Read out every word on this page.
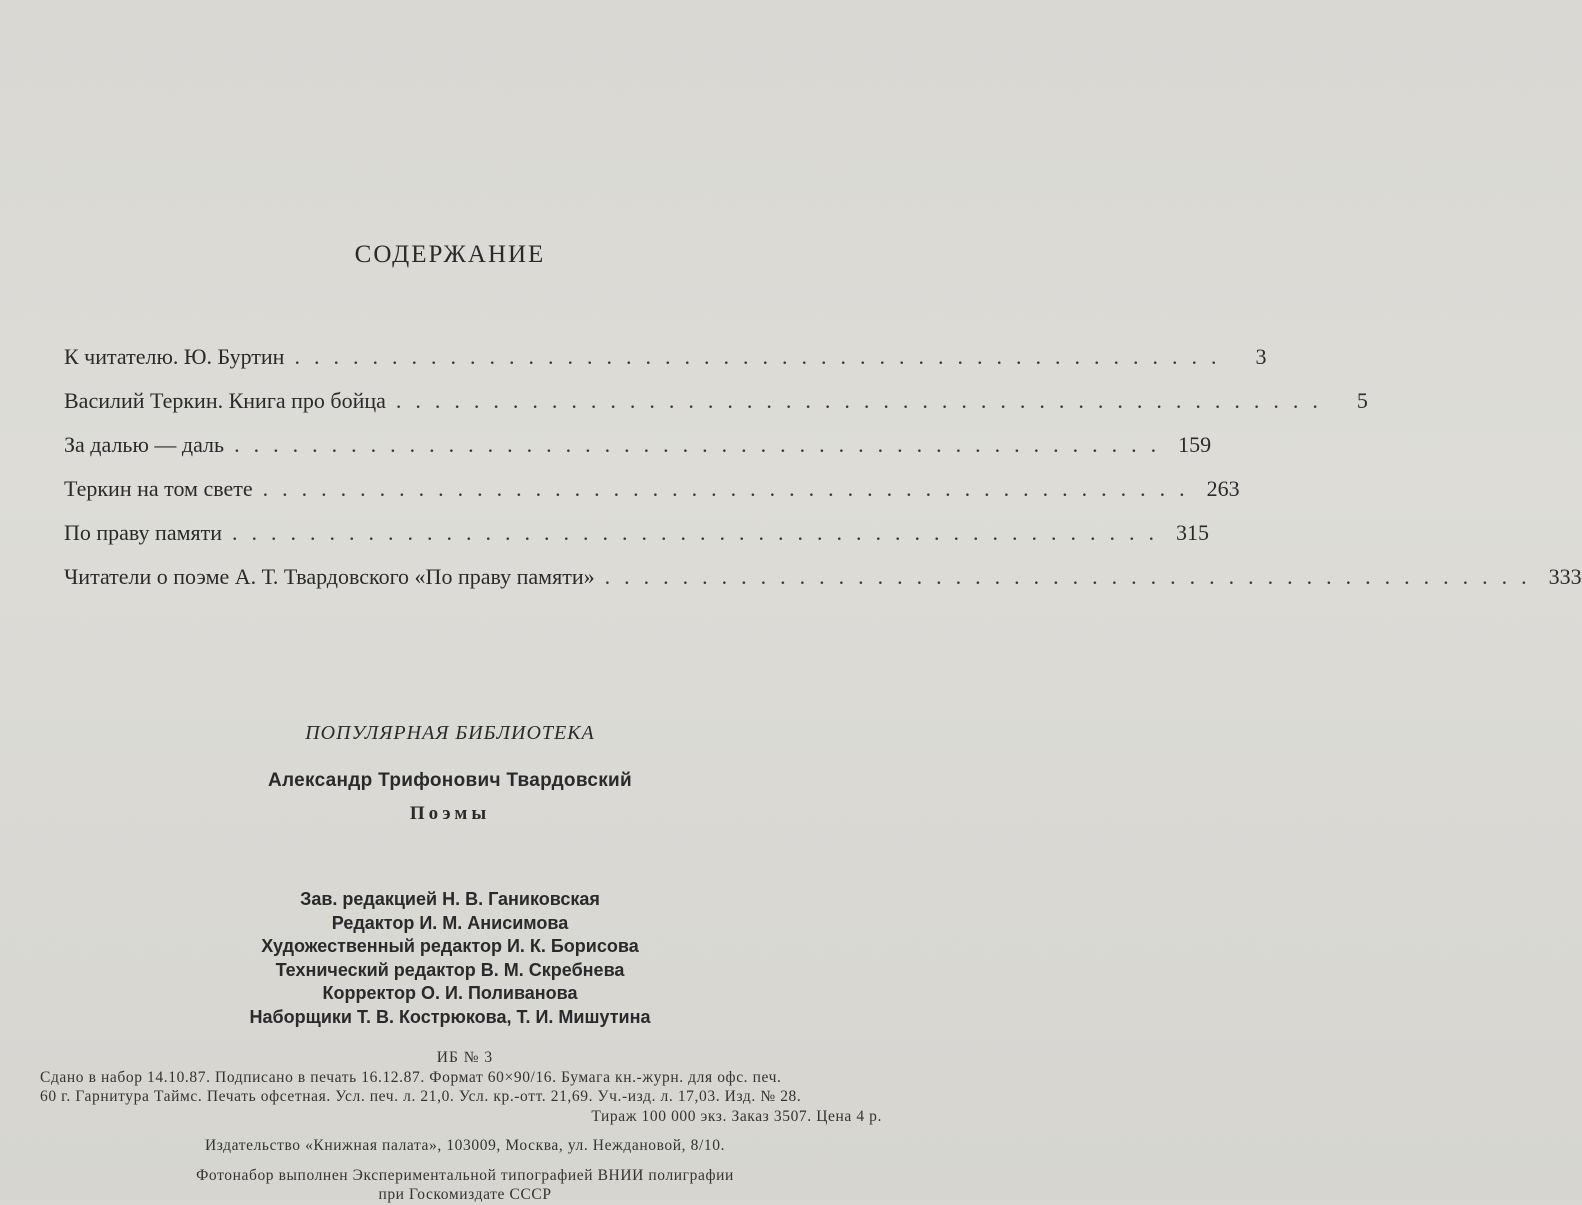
СОДЕРЖАНИЕ
К читателю. Ю. Буртин ................................................	3
Василий Теркин. Книга про бойца ................................................	5
За далью — даль ................................................ 159
Теркин на том свете ................................................ 263
По праву памяти ................................................ 315
Читатели о поэме А. Т. Твардовского «По праву памяти» ................................................ 333
ПОПУЛЯРНАЯ БИБЛИОТЕКА
Александр Трифонович Твардовский
Поэмы
Зав. редакцией Н. В. Ганиковская
Редактор И. М. Анисимова
Художественный редактор И. К. Борисова
Технический редактор В. М. Скребнева
Корректор О. И. Поливанова
Наборщики Т. В. Кострюкова, Т. И. Мишутина
ИБ № 3
Сдано в набор 14.10.87. Подписано в печать 16.12.87. Формат 60×90/16. Бумага кн.-журн. для офс. печ.
60 г. Гарнитура Таймс. Печать офсетная. Усл. печ. л. 21,0. Усл. кр.-отт. 21,69. Уч.-изд. л. 17,03. Изд. № 28.
Тираж 100 000 экз. Заказ 3507. Цена 4 р.
Издательство «Книжная палата», 103009, Москва, ул. Неждановой, 8/10.
Фотонабор выполнен Экспериментальной типографией ВНИИ полиграфии
при Госкомиздате СССР
